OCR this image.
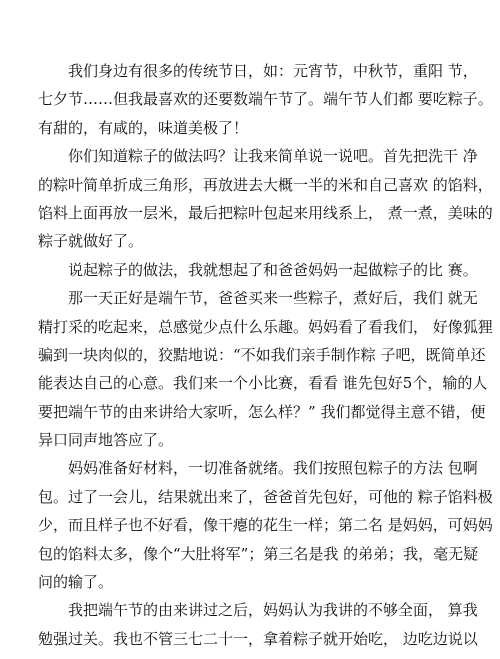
我们身边有很多的传统节日，如：元宵节，中秋节，重阳 节，
七夕节……但我最喜欢的还要数端午节了。端午节人们都 要吃粽子。
有甜的，有咸的，味道美极了！
你们知道粽子的做法吗？让我来简单说一说吧。首先把洗干 净
的粽叶简单折成三角形，再放进去大概一半的米和自己喜欢 的馅料，
馅料上面再放一层米，最后把粽叶包起来用线系上， 煮一煮，美味的
粽子就做好了。
说起粽子的做法，我就想起了和爸爸妈妈一起做粽子的比 赛。
那一天正好是端午节，爸爸买来一些粽子，煮好后，我们 就无
精打采的吃起来，总感觉少点什么乐趣。妈妈看了看我们， 好像狐狸
骗到一块肉似的，狡黠地说：“不如我们亲手制作粽 子吧，既简单还
能表达自己的心意。我们来一个小比赛，看看 谁先包好5个，输的人
要把端午节的由来讲给大家听，怎么样？” 我们都觉得主意不错，便
异口同声地答应了。
妈妈准备好材料，一切准备就绪。我们按照包粽子的方法 包啊
包。过了一会儿，结果就出来了，爸爸首先包好，可他的 粽子馅料极
少，而且样子也不好看，像干瘪的花生一样；第二名 是妈妈，可妈妈
包的馅料太多，像个“大肚将军”；第三名是我 的弟弟；我，毫无疑
问的输了。
我把端午节的由来讲过之后，妈妈认为我讲的不够全面， 算我
勉强过关。我也不管三七二十一，拿着粽子就开始吃， 边吃边说以
